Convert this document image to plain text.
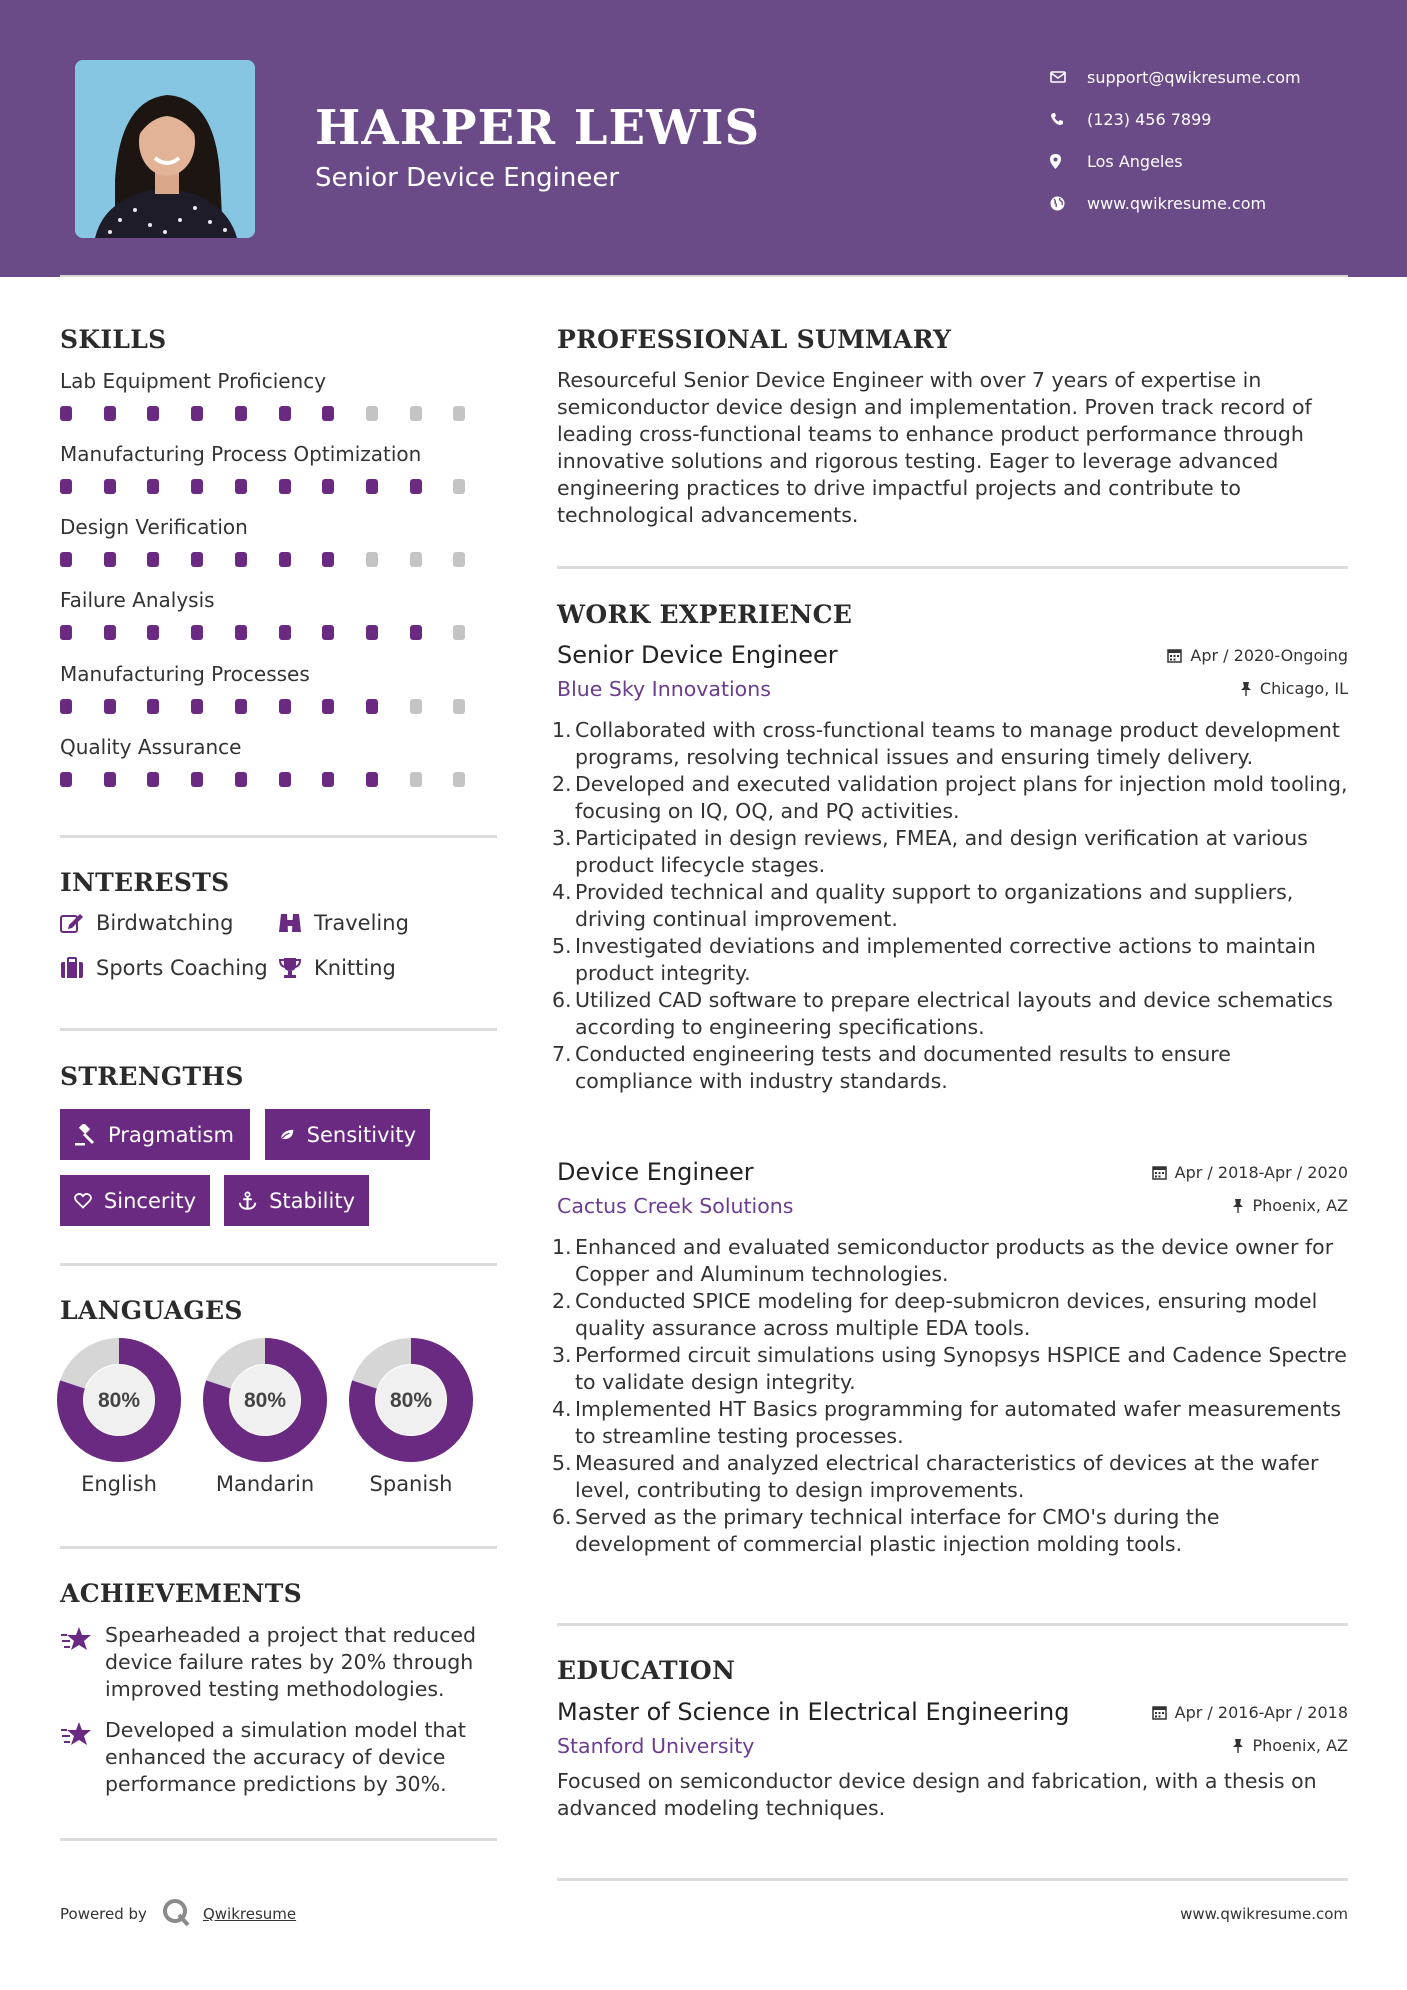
HARPER LEWIS
Senior Device Engineer
support@qwikresume.com
(123) 456 7899
Los Angeles
www.qwikresume.com
SKILLS
Lab Equipment Proficiency
Manufacturing Process Optimization
Design Verification
Failure Analysis
Manufacturing Processes
Quality Assurance
INTERESTS
Birdwatching	Traveling
Sports Coaching Knitting
STRENGTHS
Pragmatism	Sensitivity
Sincerity	Stability
LANGUAGES
80%
English
80%
Mandarin
80%
Spanish
ACHIEVEMENTS
Spearheaded a project that reduced device failure rates by 20% through improved testing methodologies.
Developed a simulation model that enhanced the accuracy of device performance predictions by 30%.
PROFESSIONAL SUMMARY
Resourceful Senior Device Engineer with over 7 years of expertise in semiconductor device design and implementation. Proven track record of leading cross-functional teams to enhance product performance through innovative solutions and rigorous testing. Eager to leverage advanced engineering practices to drive impactful projects and contribute to technological advancements.
WORK EXPERIENCE
Senior Device Engineer	Apr / 2020-Ongoing
Blue Sky Innovations	Chicago, IL
1. Collaborated with cross-functional teams to manage product development programs, resolving technical issues and ensuring timely delivery.
2. Developed and executed validation project plans for injection mold tooling, focusing on IQ, OQ, and PQ activities.
3. Participated in design reviews, FMEA, and design verification at various product lifecycle stages.
4. Provided technical and quality support to organizations and suppliers, driving continual improvement.
5. Investigated deviations and implemented corrective actions to maintain product integrity.
6. Utilized CAD software to prepare electrical layouts and device schematics according to engineering specifications.
7. Conducted engineering tests and documented results to ensure compliance with industry standards.
Device Engineer	Apr / 2018-Apr / 2020
Cactus Creek Solutions	Phoenix, AZ
1. Enhanced and evaluated semiconductor products as the device owner for Copper and Aluminum technologies.
2. Conducted SPICE modeling for deep-submicron devices, ensuring model quality assurance across multiple EDA tools.
3. Performed circuit simulations using Synopsys HSPICE and Cadence Spectre to validate design integrity.
4. Implemented HT Basics programming for automated wafer measurements to streamline testing processes.
5. Measured and analyzed electrical characteristics of devices at the wafer level, contributing to design improvements.
6. Served as the primary technical interface for CMO's during the development of commercial plastic injection molding tools.
EDUCATION
Master of Science in Electrical Engineering	Apr / 2016-Apr / 2018
Stanford University	Phoenix, AZ
Focused on semiconductor device design and fabrication, with a thesis on advanced modeling techniques.
Powered by	Qwikresume	www.qwikresume.com
